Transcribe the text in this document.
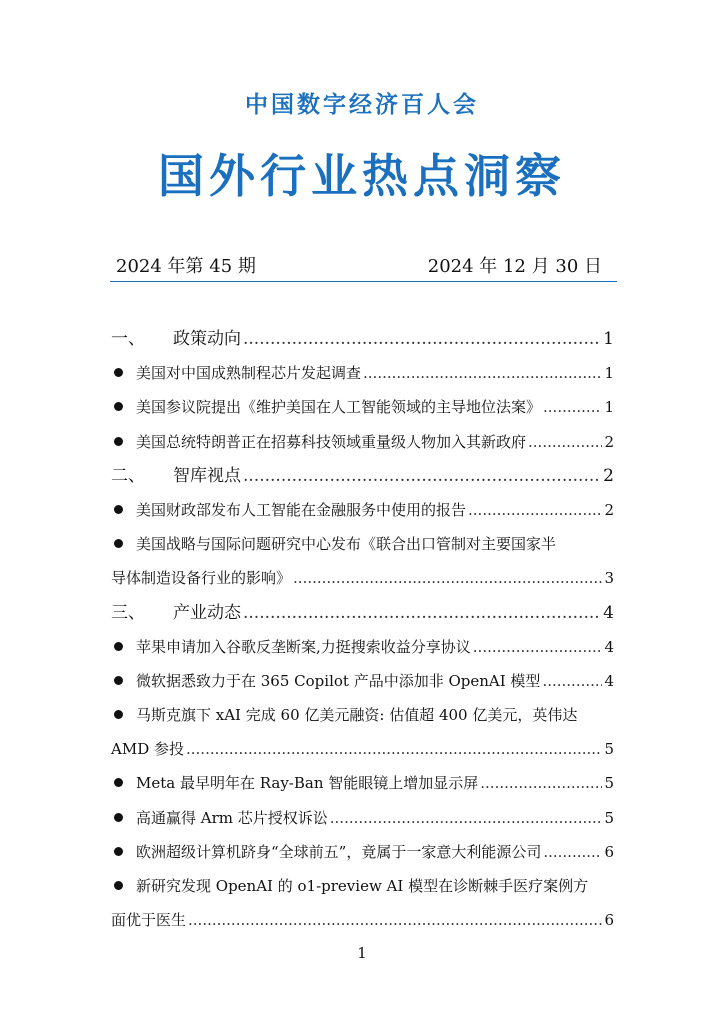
中国数字经济百人会
国外行业热点洞察
2024 年第 45 期	2024 年 12 月 30 日
一、	政策动向 .....	1
美国对中国成熟制程芯片发起调查 .....	1
美国参议院提出《维护美国在人工智能领域的主导地位法案》 .....	1
美国总统特朗普正在招募科技领域重量级人物加入其新政府 .....	2
二、	智库视点 .....	2
美国财政部发布人工智能在金融服务中使用的报告 .....	2
美国战略与国际问题研究中心发布《联合出口管制对主要国家半
导体制造设备行业的影响》 .....	3
三、	产业动态 .....	4
苹果申请加入谷歌反垄断案,力挺搜索收益分享协议 .....	4
微软据悉致力于在 365 Copilot 产品中添加非 OpenAI 模型 .....	4
马斯克旗下 xAI 完成 60 亿美元融资: 估值超 400 亿美元，英伟达
AMD 参投 .....	5
Meta 最早明年在 Ray-Ban 智能眼镜上增加显示屏 .....	5
高通赢得 Arm 芯片授权诉讼 .....	5
欧洲超级计算机跻身“全球前五”，竟属于一家意大利能源公司 .....	6
新研究发现 OpenAI 的 o1-preview AI 模型在诊断棘手医疗案例方
面优于医生 .....	6
1
